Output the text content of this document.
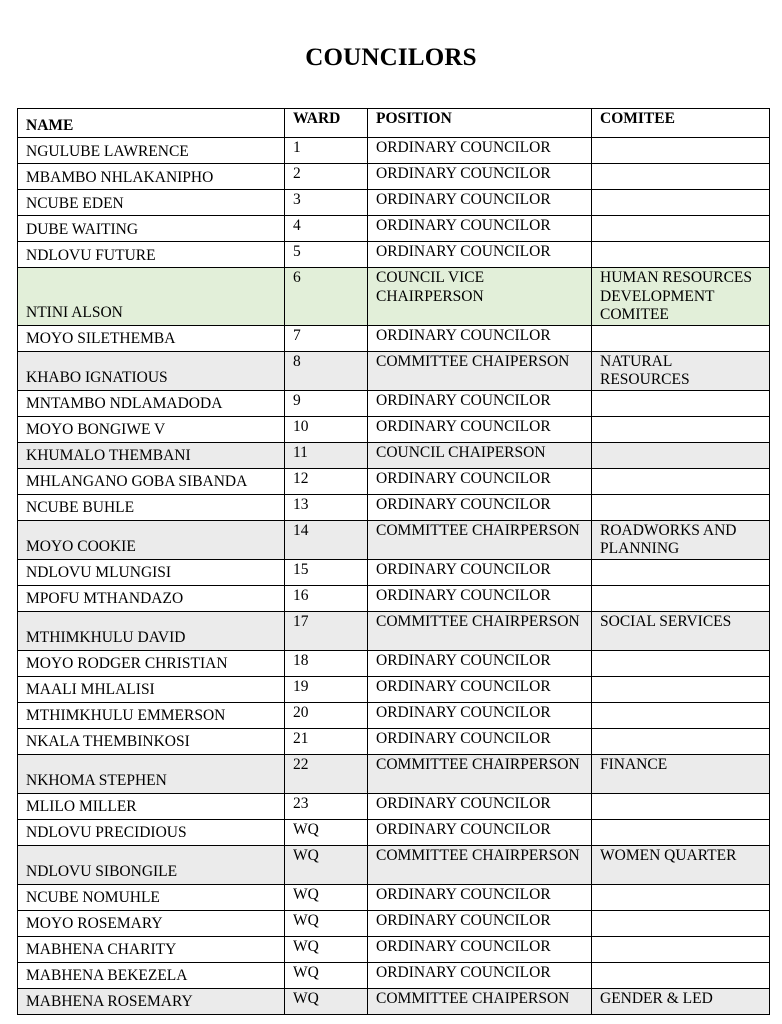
COUNCILORS
NAME	WARD	POSITION	COMITEE
NGULUBE LAWRENCE	1	ORDINARY COUNCILOR	
MBAMBO NHLAKANIPHO	2	ORDINARY COUNCILOR	
NCUBE EDEN	3	ORDINARY COUNCILOR	
DUBE WAITING	4	ORDINARY COUNCILOR	
NDLOVU FUTURE	5	ORDINARY COUNCILOR	
NTINI ALSON	6	COUNCIL VICE CHAIRPERSON	HUMAN RESOURCES DEVELOPMENT COMITEE
MOYO SILETHEMBA	7	ORDINARY COUNCILOR	
KHABO IGNATIOUS	8	COMMITTEE CHAIPERSON	NATURAL RESOURCES
MNTAMBO NDLAMADODA	9	ORDINARY COUNCILOR	
MOYO BONGIWE V	10	ORDINARY COUNCILOR	
KHUMALO THEMBANI	11	COUNCIL CHAIPERSON	
MHLANGANO GOBA SIBANDA	12	ORDINARY COUNCILOR	
NCUBE BUHLE	13	ORDINARY COUNCILOR	
MOYO COOKIE	14	COMMITTEE CHAIRPERSON	ROADWORKS AND PLANNING
NDLOVU MLUNGISI	15	ORDINARY COUNCILOR	
MPOFU MTHANDAZO	16	ORDINARY COUNCILOR	
MTHIMKHULU DAVID	17	COMMITTEE CHAIRPERSON	SOCIAL SERVICES
MOYO RODGER CHRISTIAN	18	ORDINARY COUNCILOR	
MAALI MHLALISI	19	ORDINARY COUNCILOR	
MTHIMKHULU EMMERSON	20	ORDINARY COUNCILOR	
NKALA THEMBINKOSI	21	ORDINARY COUNCILOR	
NKHOMA STEPHEN	22	COMMITTEE CHAIRPERSON	FINANCE
MLILO MILLER	23	ORDINARY COUNCILOR	
NDLOVU PRECIDIOUS	WQ	ORDINARY COUNCILOR	
NDLOVU SIBONGILE	WQ	COMMITTEE CHAIRPERSON	WOMEN QUARTER
NCUBE NOMUHLE	WQ	ORDINARY COUNCILOR	
MOYO ROSEMARY	WQ	ORDINARY COUNCILOR	
MABHENA CHARITY	WQ	ORDINARY COUNCILOR	
MABHENA BEKEZELA	WQ	ORDINARY COUNCILOR	
MABHENA ROSEMARY	WQ	COMMITTEE CHAIPERSON	GENDER & LED
